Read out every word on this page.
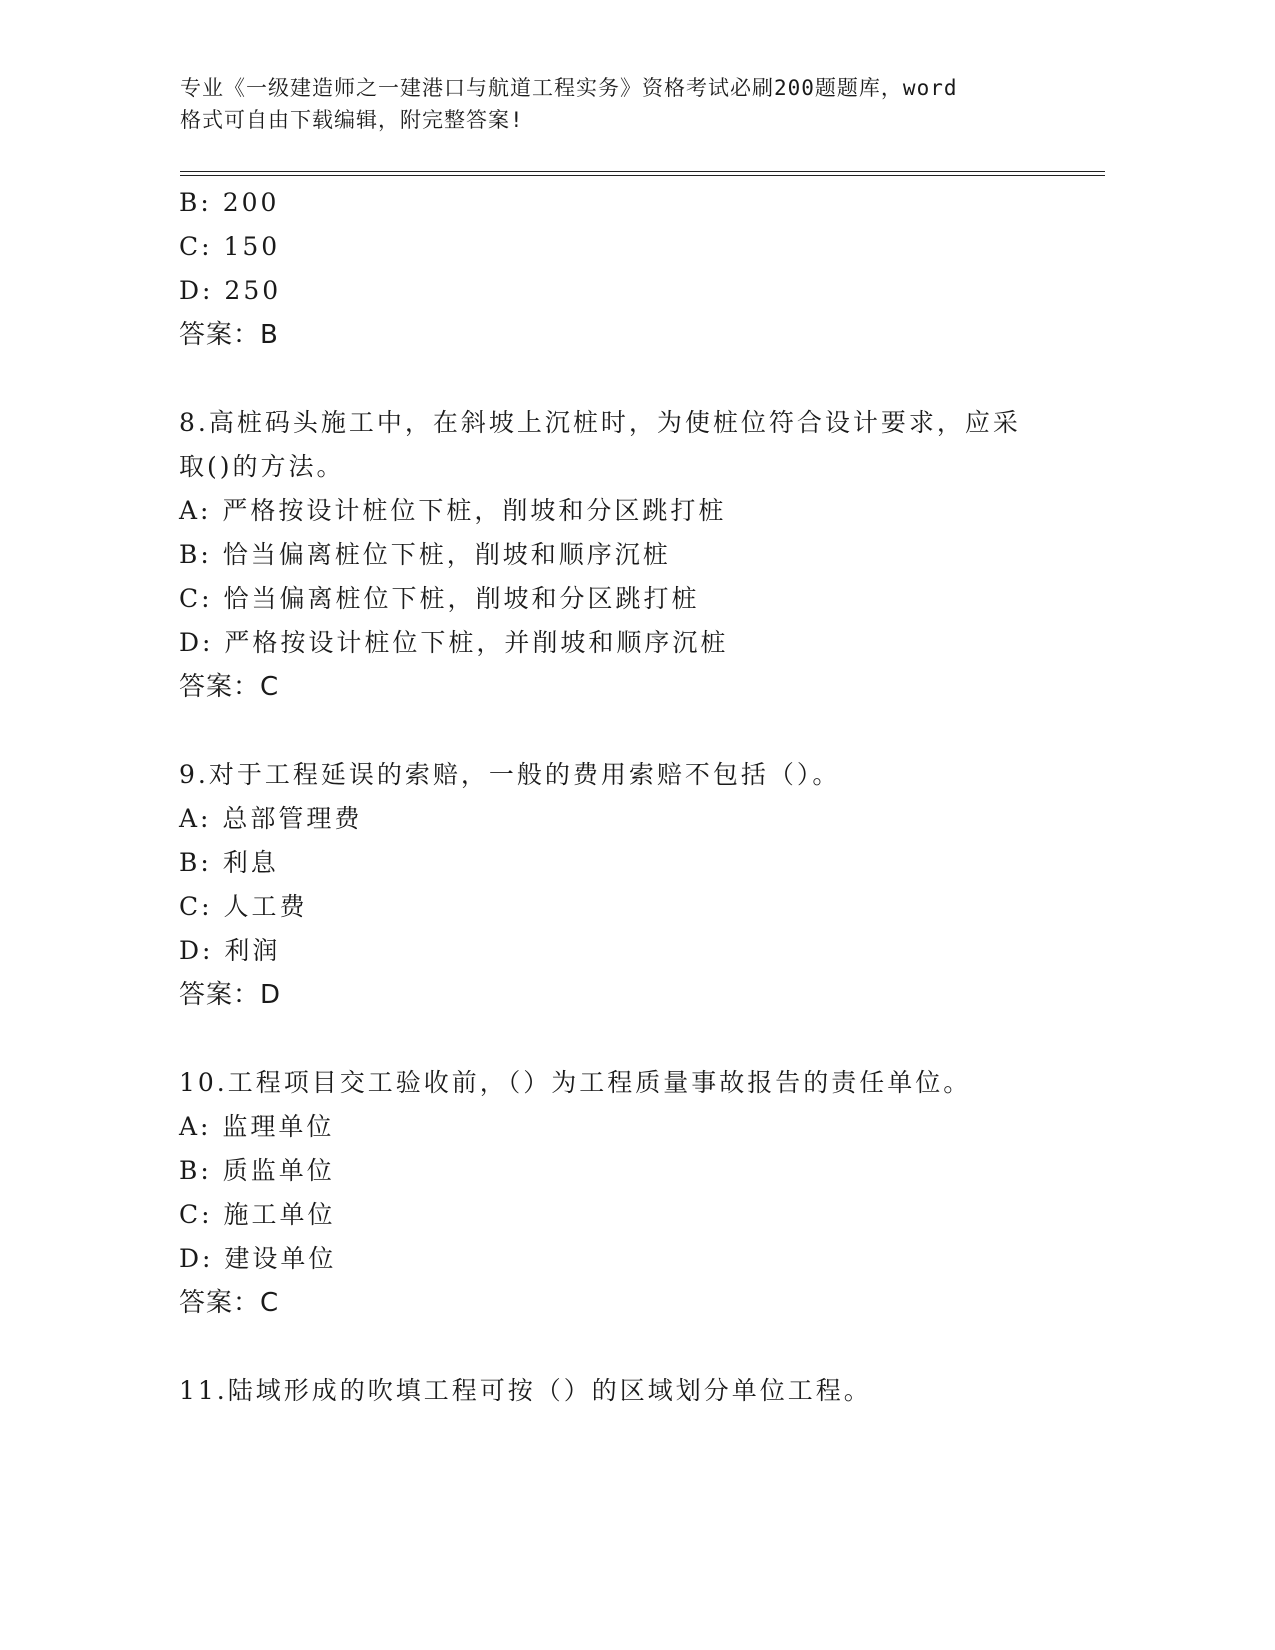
专业《一级建造师之一建港口与航道工程实务》资格考试必刷200题题库，word
格式可自由下载编辑，附完整答案!
B: 200
C: 150
D: 250
答案：B
8.高桩码头施工中，在斜坡上沉桩时，为使桩位符合设计要求，应采
取()的方法。
A: 严格按设计桩位下桩，削坡和分区跳打桩
B: 恰当偏离桩位下桩，削坡和顺序沉桩
C: 恰当偏离桩位下桩，削坡和分区跳打桩
D: 严格按设计桩位下桩，并削坡和顺序沉桩
答案：C
9.对于工程延误的索赔，一般的费用索赔不包括（）。
A: 总部管理费
B: 利息
C: 人工费
D: 利润
答案：D
10.工程项目交工验收前，（）为工程质量事故报告的责任单位。
A: 监理单位
B: 质监单位
C: 施工单位
D: 建设单位
答案：C
11.陆域形成的吹填工程可按（）的区域划分单位工程。
